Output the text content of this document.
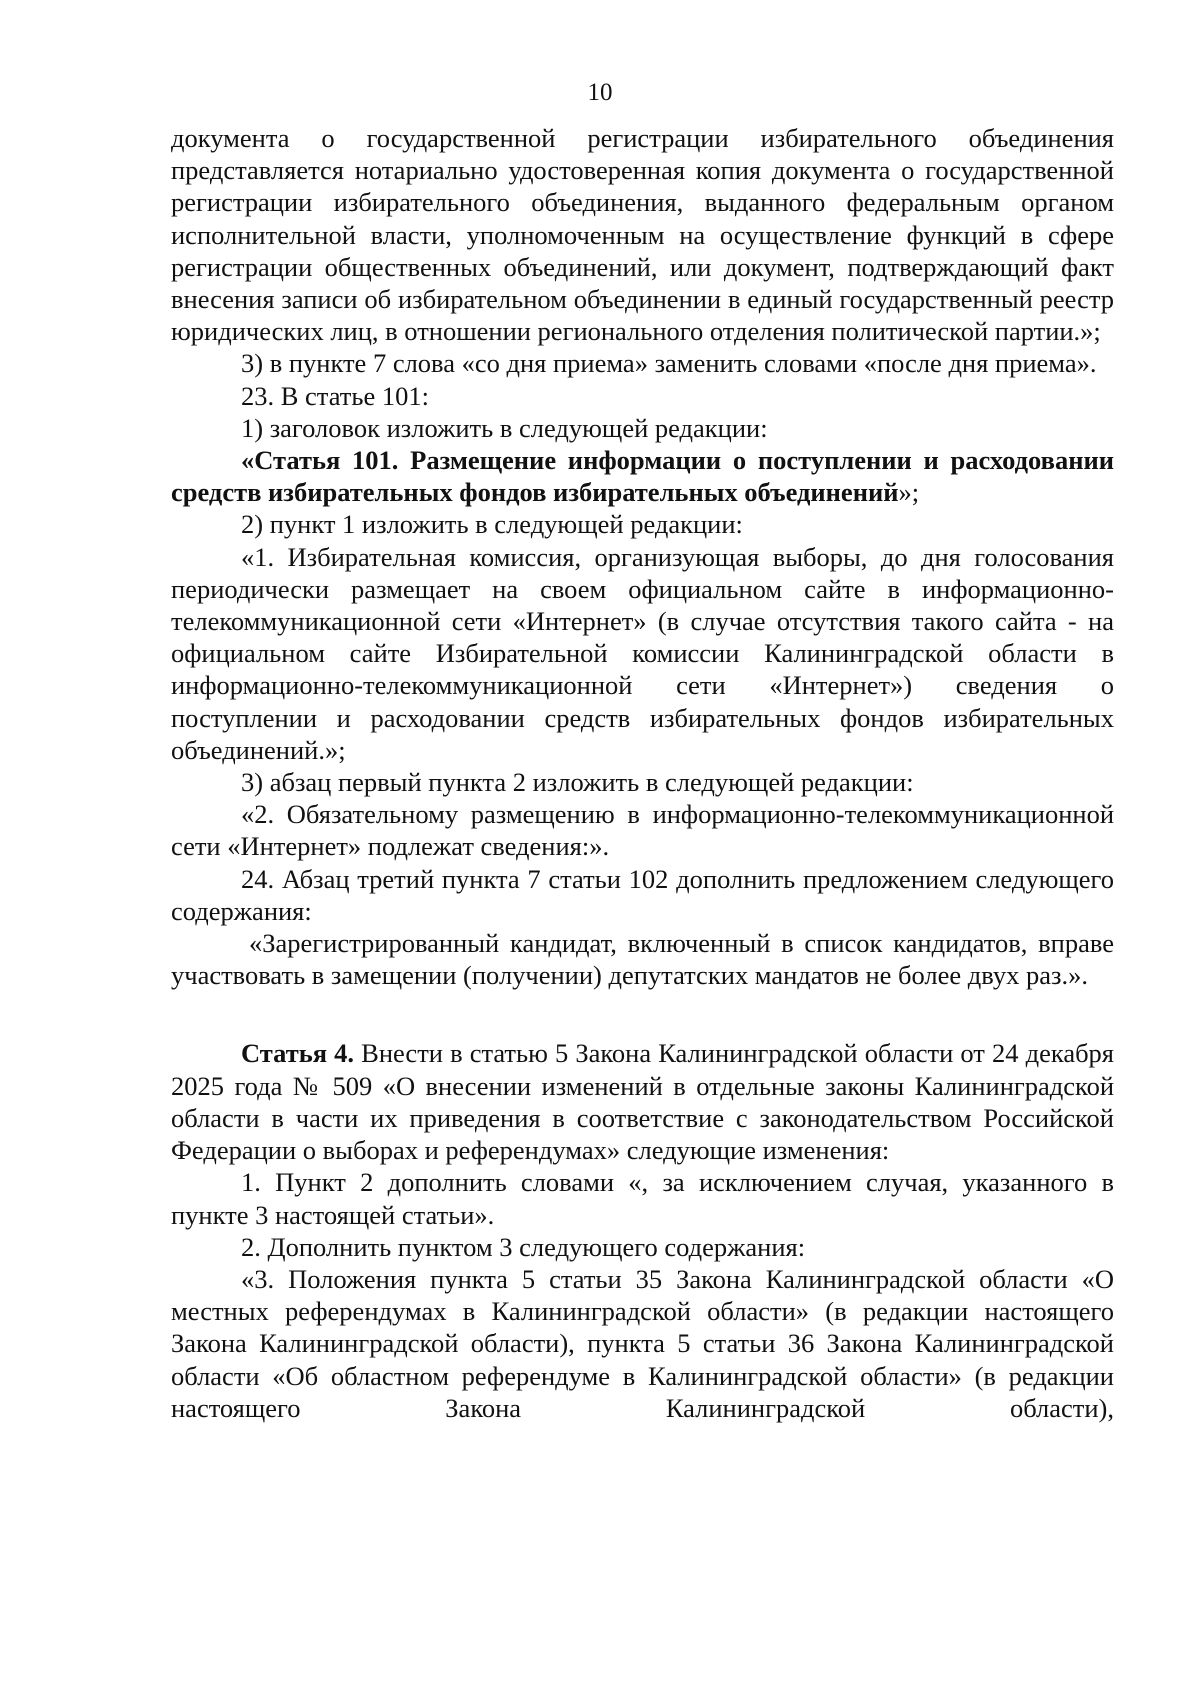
10

документа о государственной регистрации избирательного объединения представляется нотариально удостоверенная копия документа о государственной регистрации избирательного объединения, выданного федеральным органом исполнительной власти, уполномоченным на осуществление функций в сфере регистрации общественных объединений, или документ, подтверждающий факт внесения записи об избирательном объединении в единый государственный реестр юридических лиц, в отношении регионального отделения политической партии.»;

3) в пункте 7 слова «со дня приема» заменить словами «после дня приема».

23. В статье 101:

1) заголовок изложить в следующей редакции:

«Статья 101. Размещение информации о поступлении и расходовании средств избирательных фондов избирательных объединений»;

2) пункт 1 изложить в следующей редакции:

«1. Избирательная комиссия, организующая выборы, до дня голосования периодически размещает на своем официальном сайте в информационно-телекоммуникационной сети «Интернет» (в случае отсутствия такого сайта - на официальном сайте Избирательной комиссии Калининградской области в информационно-телекоммуникационной сети «Интернет») сведения о поступлении и расходовании средств избирательных фондов избирательных объединений.»;

3) абзац первый пункта 2 изложить в следующей редакции:

«2. Обязательному размещению в информационно-телекоммуникационной сети «Интернет» подлежат сведения:».

24. Абзац третий пункта 7 статьи 102 дополнить предложением следующего содержания:

«Зарегистрированный кандидат, включенный в список кандидатов, вправе участвовать в замещении (получении) депутатских мандатов не более двух раз.».

Статья 4. Внести в статью 5 Закона Калининградской области от 24 декабря 2025 года № 509 «О внесении изменений в отдельные законы Калининградской области в части их приведения в соответствие с законодательством Российской Федерации о выборах и референдумах» следующие изменения:

1. Пункт 2 дополнить словами «, за исключением случая, указанного в пункте 3 настоящей статьи».

2. Дополнить пунктом 3 следующего содержания:

«3. Положения пункта 5 статьи 35 Закона Калининградской области «О местных референдумах в Калининградской области» (в редакции настоящего Закона Калининградской области), пункта 5 статьи 36 Закона Калининградской области «Об областном референдуме в Калининградской области» (в редакции настоящего Закона Калининградской области),
